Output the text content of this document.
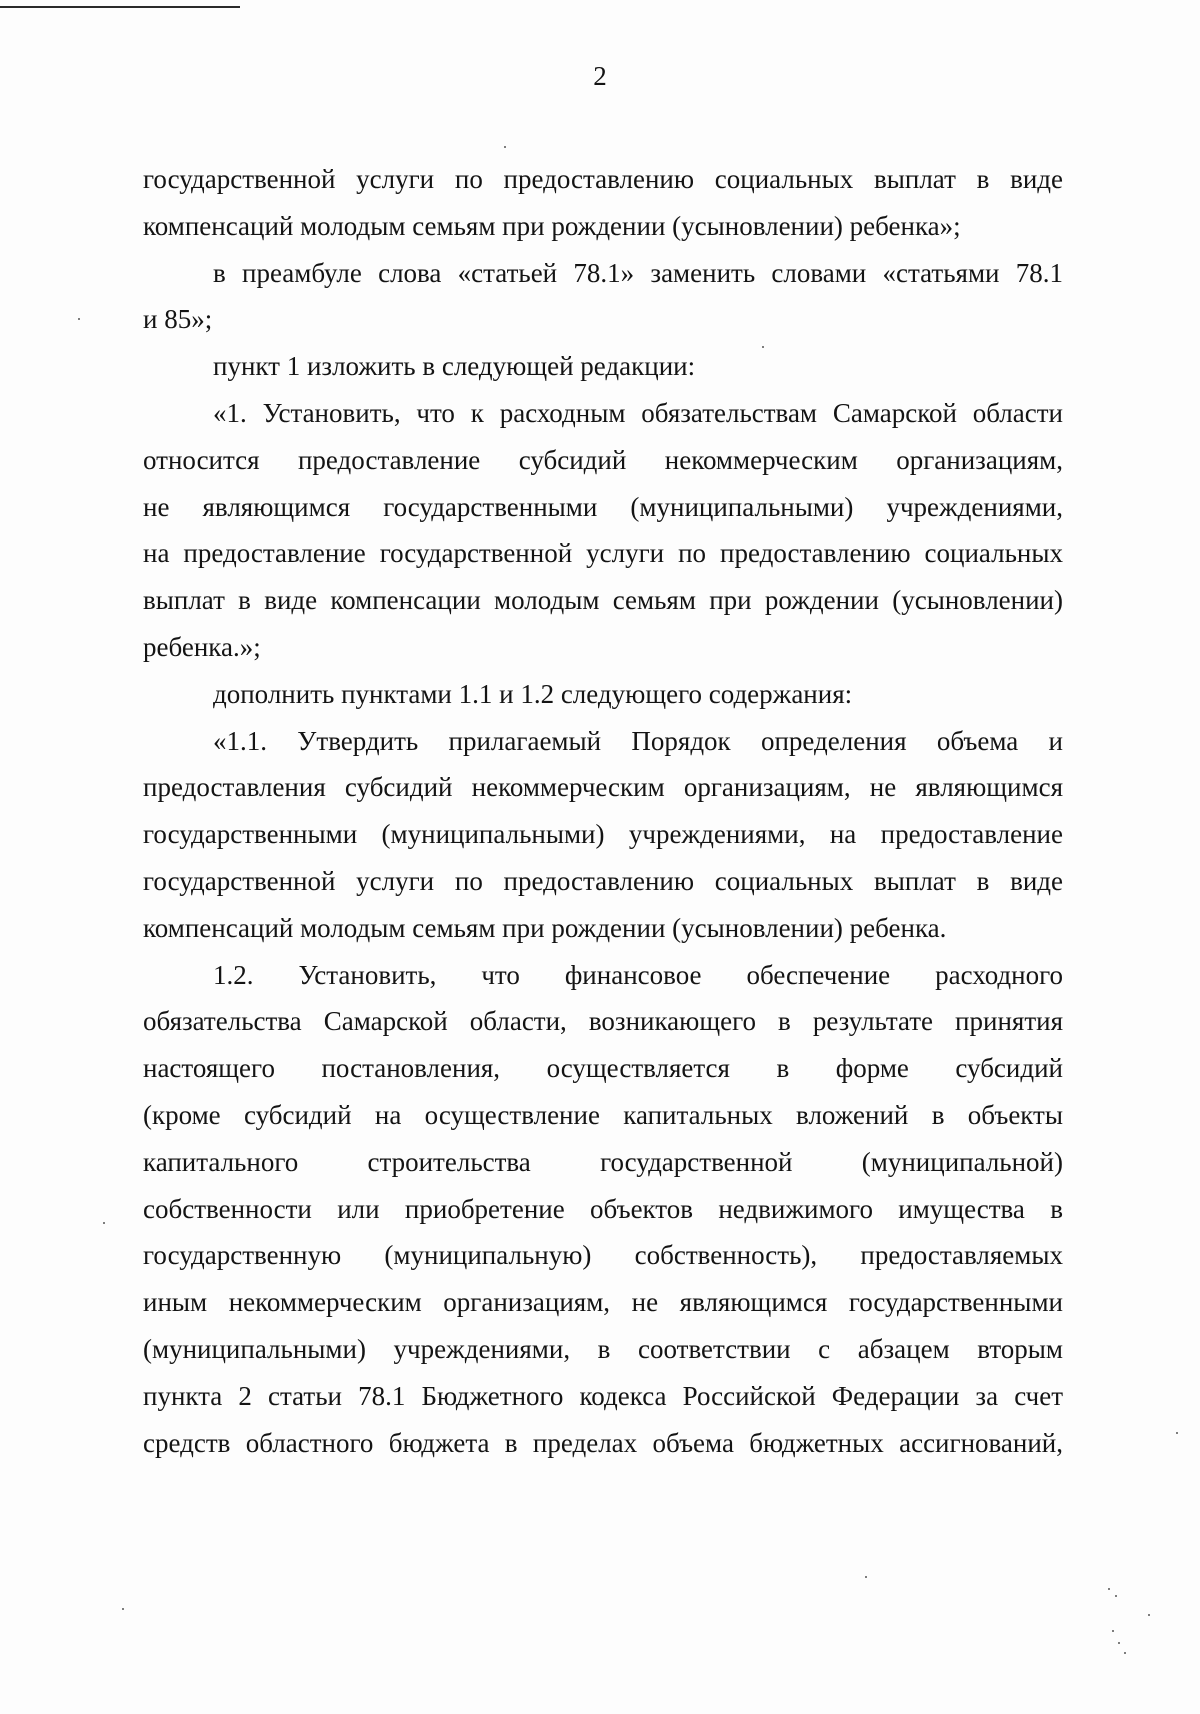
2
государственной услуги по предоставлению социальных выплат в виде
компенсаций молодым семьям при рождении (усыновлении) ребенка»;
в преамбуле слова «статьей 78.1» заменить словами «статьями 78.1
и 85»;
пункт 1 изложить в следующей редакции:
«1. Установить, что к расходным обязательствам Самарской области
относится предоставление субсидий некоммерческим организациям,
не являющимся государственными (муниципальными) учреждениями,
на предоставление государственной услуги по предоставлению социальных
выплат в виде компенсации молодым семьям при рождении (усыновлении)
ребенка.»;
дополнить пунктами 1.1 и 1.2 следующего содержания:
«1.1. Утвердить прилагаемый Порядок определения объема и
предоставления субсидий некоммерческим организациям, не являющимся
государственными (муниципальными) учреждениями, на предоставление
государственной услуги по предоставлению социальных выплат в виде
компенсаций молодым семьям при рождении (усыновлении) ребенка.
1.2. Установить, что финансовое обеспечение расходного
обязательства Самарской области, возникающего в результате принятия
настоящего постановления, осуществляется в форме субсидий
(кроме субсидий на осуществление капитальных вложений в объекты
капитального строительства государственной (муниципальной)
собственности или приобретение объектов недвижимого имущества в
государственную (муниципальную) собственность), предоставляемых
иным некоммерческим организациям, не являющимся государственными
(муниципальными) учреждениями, в соответствии с абзацем вторым
пункта 2 статьи 78.1 Бюджетного кодекса Российской Федерации за счет
средств областного бюджета в пределах объема бюджетных ассигнований,
